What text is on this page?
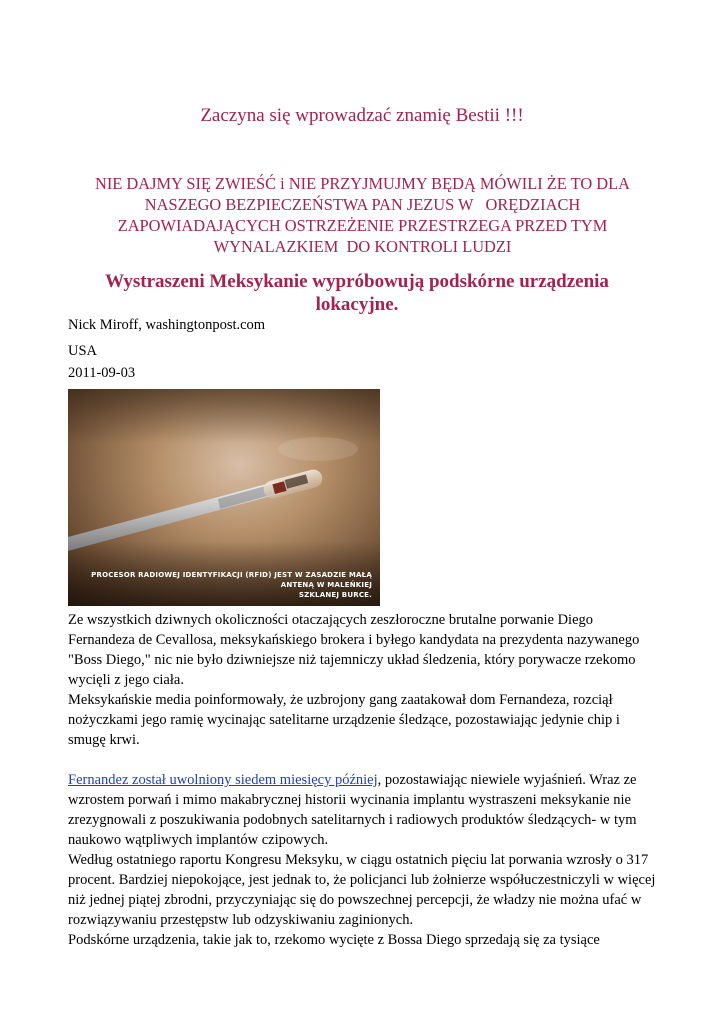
Zaczyna się wprowadzać znamię Bestii !!!
NIE DAJMY SIĘ ZWIEŚĆ i NIE PRZYJMUJMY BĘDĄ MÓWILI ŻE TO DLA
NASZEGO BEZPIECZEŃSTWA PAN JEZUS W   ORĘDZIACH
ZAPOWIADAJĄCYCH OSTRZEŻENIE PRZESTRZEGA PRZED TYM
WYNALAZKIEM  DO KONTROLI LUDZI
Wystraszeni Meksykanie wypróbowują podskórne urządzenia lokacyjne.
Nick Miroff, washingtonpost.com
USA
2011-09-03
PROCESOR RADIOWEJ IDENTYFIKACJI (RFID) JEST W ZASADZIE MAŁĄ ANTENĄ W MALEŃKIEJ
SZKLANEJ BURCE.

Ze wszystkich dziwnych okoliczności otaczających zeszłoroczne brutalne porwanie Diego Fernandeza de Cevallosa, meksykańskiego brokera i byłego kandydata na prezydenta nazywanego "Boss Diego," nic nie było dziwniejsze niż tajemniczy układ śledzenia, który porywacze rzekomo wycięli z jego ciała.

Meksykańskie media poinformowały, że uzbrojony gang zaatakował dom Fernandeza, rozciął nożyczkami jego ramię wycinając satelitarne urządzenie śledzące, pozostawiając jedynie chip i smugę krwi.

Fernandez został uwolniony siedem miesięcy później, pozostawiając niewiele wyjaśnień. Wraz ze wzrostem porwań i mimo makabrycznej historii wycinania implantu wystraszeni meksykanie nie zrezygnowali z poszukiwania podobnych satelitarnych i radiowych produktów śledzących- w tym naukowo wątpliwych implantów czipowych.

Według ostatniego raportu Kongresu Meksyku, w ciągu ostatnich pięciu lat porwania wzrosły o 317 procent. Bardziej niepokojące, jest jednak to, że policjanci lub żołnierze współuczestniczyli w więcej niż jednej piątej zbrodni, przyczyniając się do powszechnej percepcji, że władzy nie można ufać w rozwiązywaniu przestępstw lub odzyskiwaniu zaginionych.

Podskórne urządzenia, takie jak to, rzekomo wycięte z Bossa Diego sprzedają się za tysiące
